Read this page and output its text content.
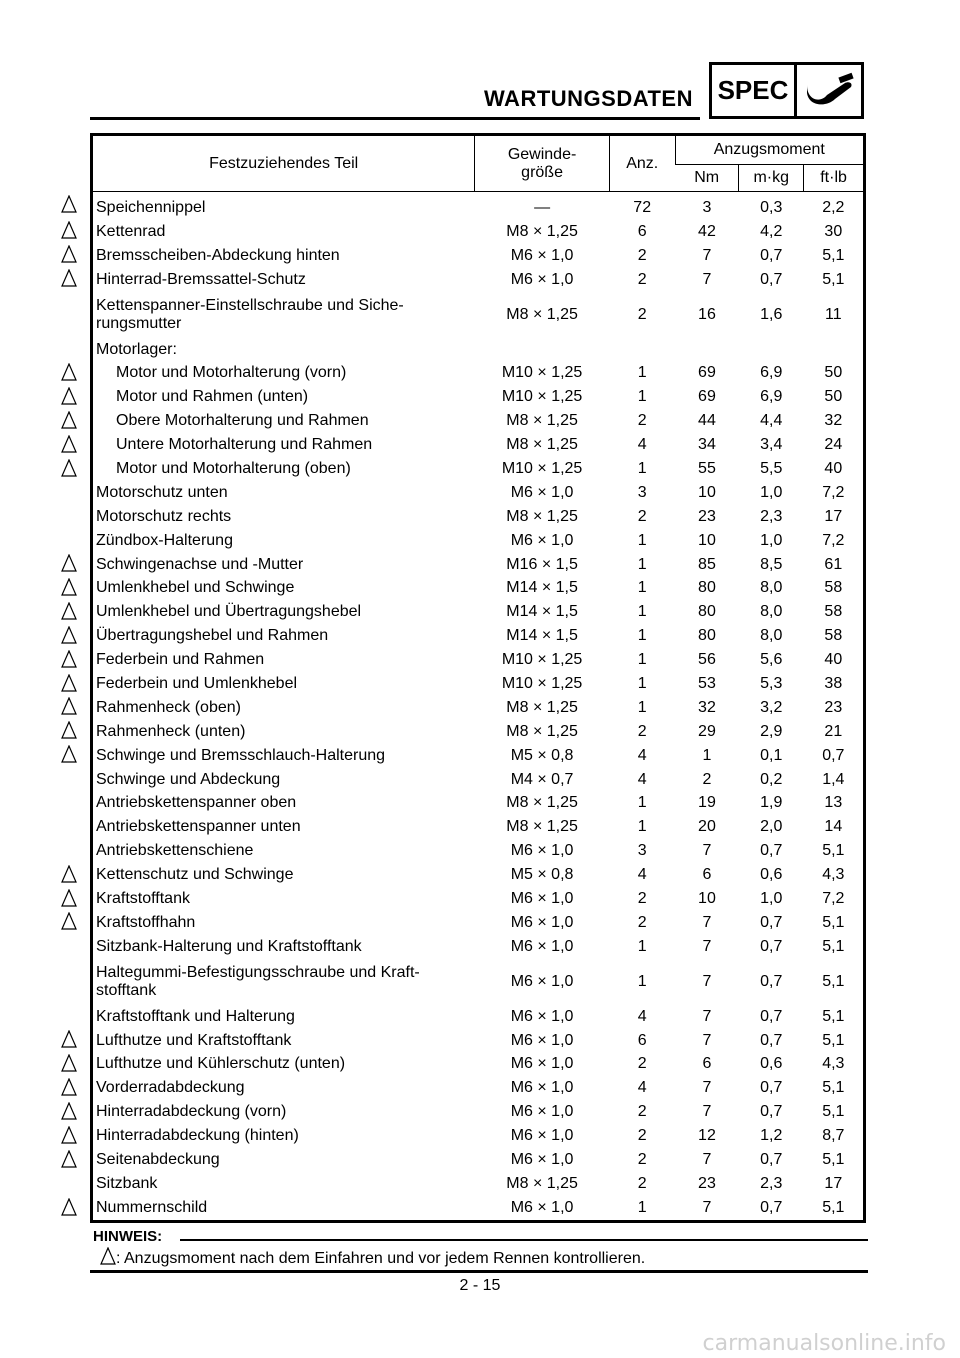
WARTUNGSDATEN SPEC
Festzuziehendes Teil	Gewinde-
größe	Anz.	Anzugsmoment		
			Nm	m·kg	ft·lb
Speichennippel	—	72	3	0,3	2,2
Kettenrad	M8 × 1,25	6	42	4,2	30
Bremsscheiben-Abdeckung hinten	M6 × 1,0	2	7	0,7	5,1
Hinterrad-Bremssattel-Schutz	M6 × 1,0	2	7	0,7	5,1
Kettenspanner-Einstellschraube und Siche-
rungsmutter	M8 × 1,25	2	16	1,6	11
Motorlager:					
Motor und Motorhalterung (vorn)	M10 × 1,25	1	69	6,9	50
Motor und Rahmen (unten)	M10 × 1,25	1	69	6,9	50
Obere Motorhalterung und Rahmen	M8 × 1,25	2	44	4,4	32
Untere Motorhalterung und Rahmen	M8 × 1,25	4	34	3,4	24
Motor und Motorhalterung (oben)	M10 × 1,25	1	55	5,5	40
Motorschutz unten	M6 × 1,0	3	10	1,0	7,2
Motorschutz rechts	M8 × 1,25	2	23	2,3	17
Zündbox-Halterung	M6 × 1,0	1	10	1,0	7,2
Schwingenachse und -Mutter	M16 × 1,5	1	85	8,5	61
Umlenkhebel und Schwinge	M14 × 1,5	1	80	8,0	58
Umlenkhebel und Übertragungshebel	M14 × 1,5	1	80	8,0	58
Übertragungshebel und Rahmen	M14 × 1,5	1	80	8,0	58
Federbein und Rahmen	M10 × 1,25	1	56	5,6	40
Federbein und Umlenkhebel	M10 × 1,25	1	53	5,3	38
Rahmenheck (oben)	M8 × 1,25	1	32	3,2	23
Rahmenheck (unten)	M8 × 1,25	2	29	2,9	21
Schwinge und Bremsschlauch-Halterung	M5 × 0,8	4	1	0,1	0,7
Schwinge und Abdeckung	M4 × 0,7	4	2	0,2	1,4
Antriebskettenspanner oben	M8 × 1,25	1	19	1,9	13
Antriebskettenspanner unten	M8 × 1,25	1	20	2,0	14
Antriebskettenschiene	M6 × 1,0	3	7	0,7	5,1
Kettenschutz und Schwinge	M5 × 0,8	4	6	0,6	4,3
Kraftstofftank	M6 × 1,0	2	10	1,0	7,2
Kraftstoffhahn	M6 × 1,0	2	7	0,7	5,1
Sitzbank-Halterung und Kraftstofftank	M6 × 1,0	1	7	0,7	5,1
Haltegummi-Befestigungsschraube und Kraft-
stofftank	M6 × 1,0	1	7	0,7	5,1
Kraftstofftank und Halterung	M6 × 1,0	4	7	0,7	5,1
Lufthutze und Kraftstofftank	M6 × 1,0	6	7	0,7	5,1
Lufthutze und Kühlerschutz (unten)	M6 × 1,0	2	6	0,6	4,3
Vorderradabdeckung	M6 × 1,0	4	7	0,7	5,1
Hinterradabdeckung (vorn)	M6 × 1,0	2	7	0,7	5,1
Hinterradabdeckung (hinten)	M6 × 1,0	2	12	1,2	8,7
Seitenabdeckung	M6 × 1,0	2	7	0,7	5,1
Sitzbank	M8 × 1,25	2	23	2,3	17
Nummernschild	M6 × 1,0	1	7	0,7	5,1
HINWEIS:
: Anzugsmoment nach dem Einfahren und vor jedem Rennen kontrollieren.
2 - 15
carmanualsonline.info
